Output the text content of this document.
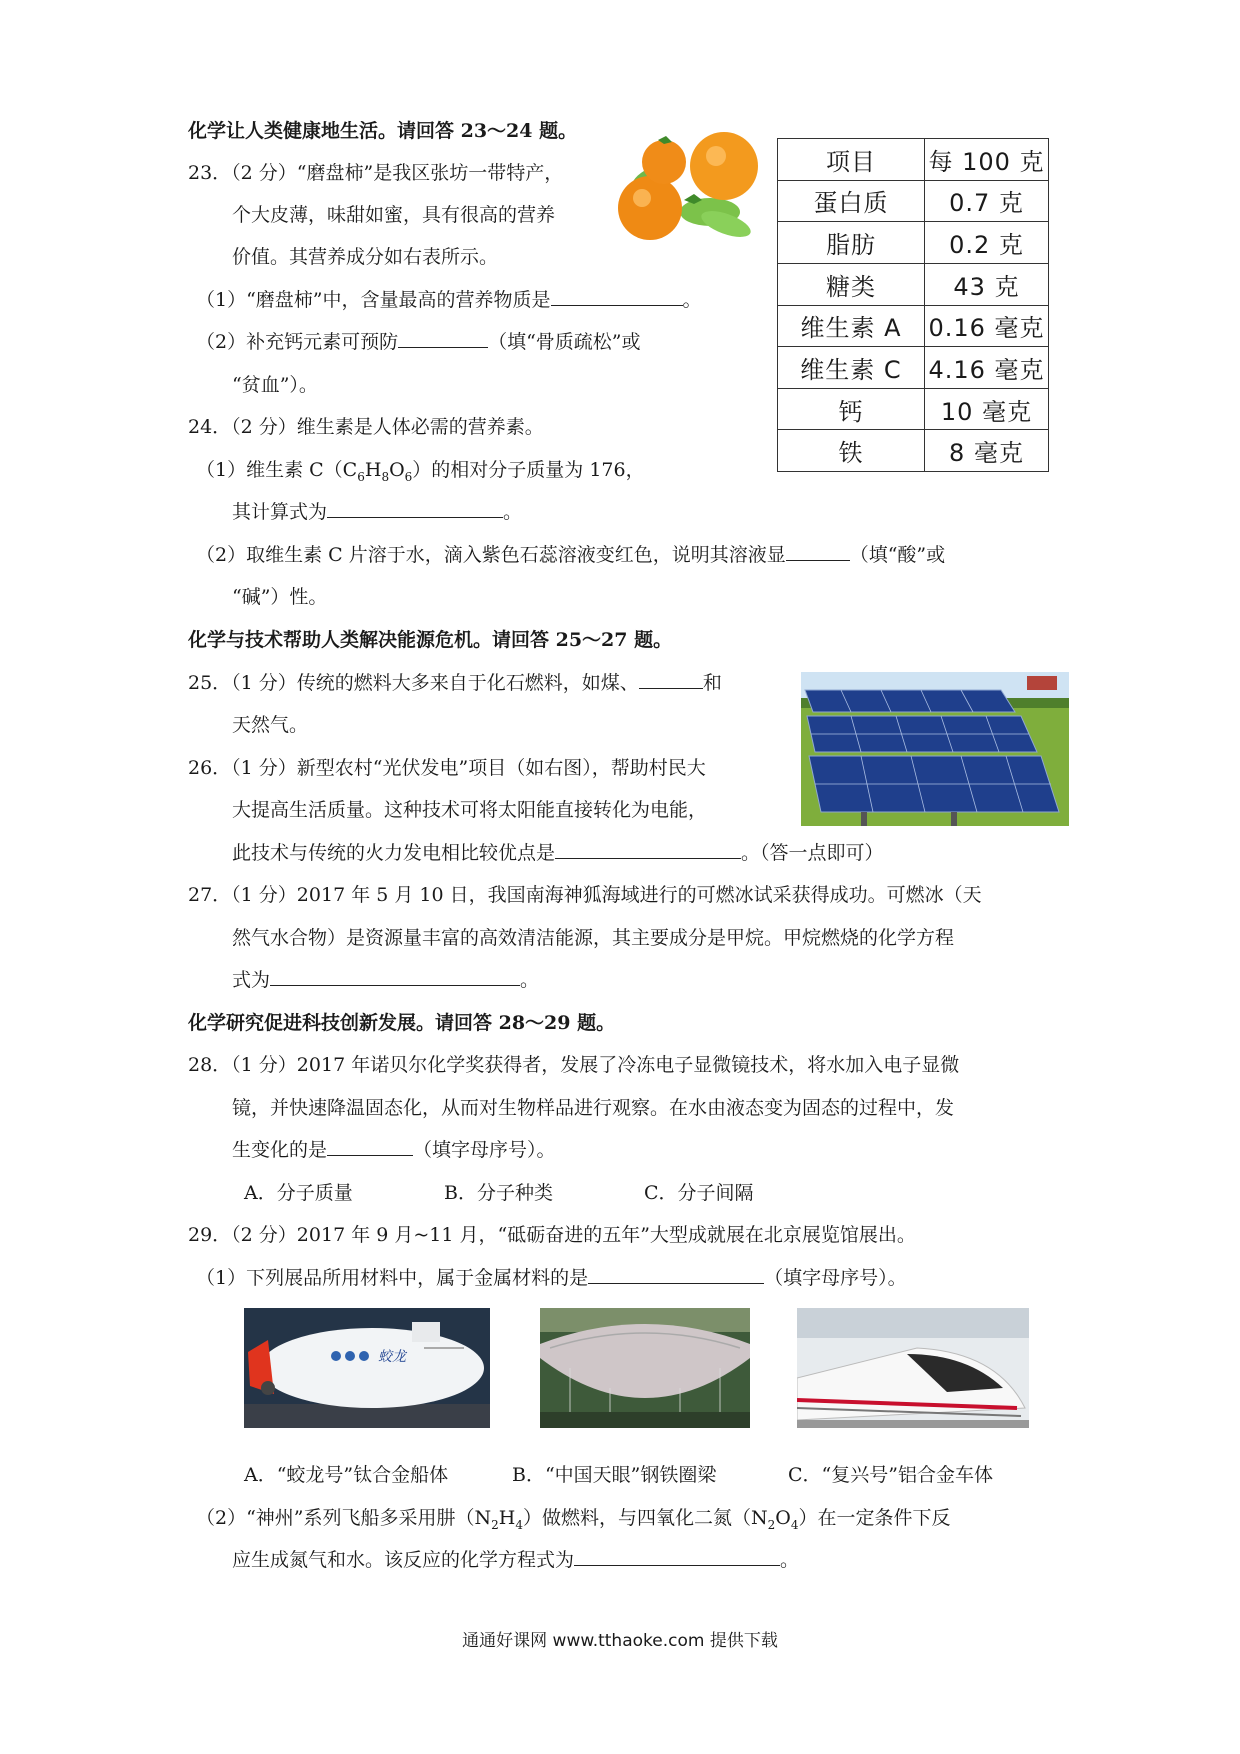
化学让人类健康地生活。请回答 23～24 题。
23．（2 分）“磨盘柿”是我区张坊一带特产，
个大皮薄，味甜如蜜，具有很高的营养
价值。其营养成分如右表所示。
（1）“磨盘柿”中，含量最高的营养物质是	。
（2）补充钙元素可预防	（填“骨质疏松”或
“贫血”）。
24．（2 分）维生素是人体必需的营养素。
（1）维生素 $C(C_6H_8O_6)$的相对分子质量为 176，
其计算式为	。
（2）取维生素 C 片溶于水，滴入紫色石蕊溶液变红色，说明其溶液显	（填“酸”或
“碱”）性。
项目	每 100 克
蛋白质	0.7 克
脂肪	0.2 克
糖类	43 克
维生素 A	0.16 毫克
维生素 C	4.16 毫克
钙	10 毫克
铁	8 毫克
化学与技术帮助人类解决能源危机。请回答 25～27 题。
25．（1 分）传统的燃料大多来自于化石燃料，如煤、	和
天然气。
26．（1 分）新型农村“光伏发电”项目（如右图），帮助村民大
大提高生活质量。这种技术可将太阳能直接转化为电能，
此技术与传统的火力发电相比较优点是	。（答一点即可）
27．（1 分）2017 年 5 月 10 日，我国南海神狐海域进行的可燃冰试采获得成功。可燃冰（天
然气水合物）是资源量丰富的高效清洁能源，其主要成分是甲烷。甲烷燃烧的化学方程
式为	。
化学研究促进科技创新发展。请回答 28～29 题。
28．（1 分）2017 年诺贝尔化学奖获得者，发展了冷冻电子显微镜技术，将水加入电子显微
镜，并快速降温固态化，从而对生物样品进行观察。在水由液态变为固态的过程中，发
生变化的是	（填字母序号）。
A．分子质量	B．分子种类	C．分子间隔
29．（2 分）2017 年 9 月~11 月，“砥砺奋进的五年”大型成就展在北京展览馆展出。
（1）下列展品所用材料中，属于金属材料的是	（填字母序号）。
蛟龙
A．“蛟龙号”钛合金船体	B．“中国天眼”钢铁圈梁	C．“复兴号”铝合金车体
（2）“神州”系列飞船多采用肼$(N_2H_4)$做燃料，与四氧化二氮$(N_2O_4)$在一定条件下反
应生成氮气和水。该反应的化学方程式为	。
通通好课网 www.tthaoke.com 提供下载
